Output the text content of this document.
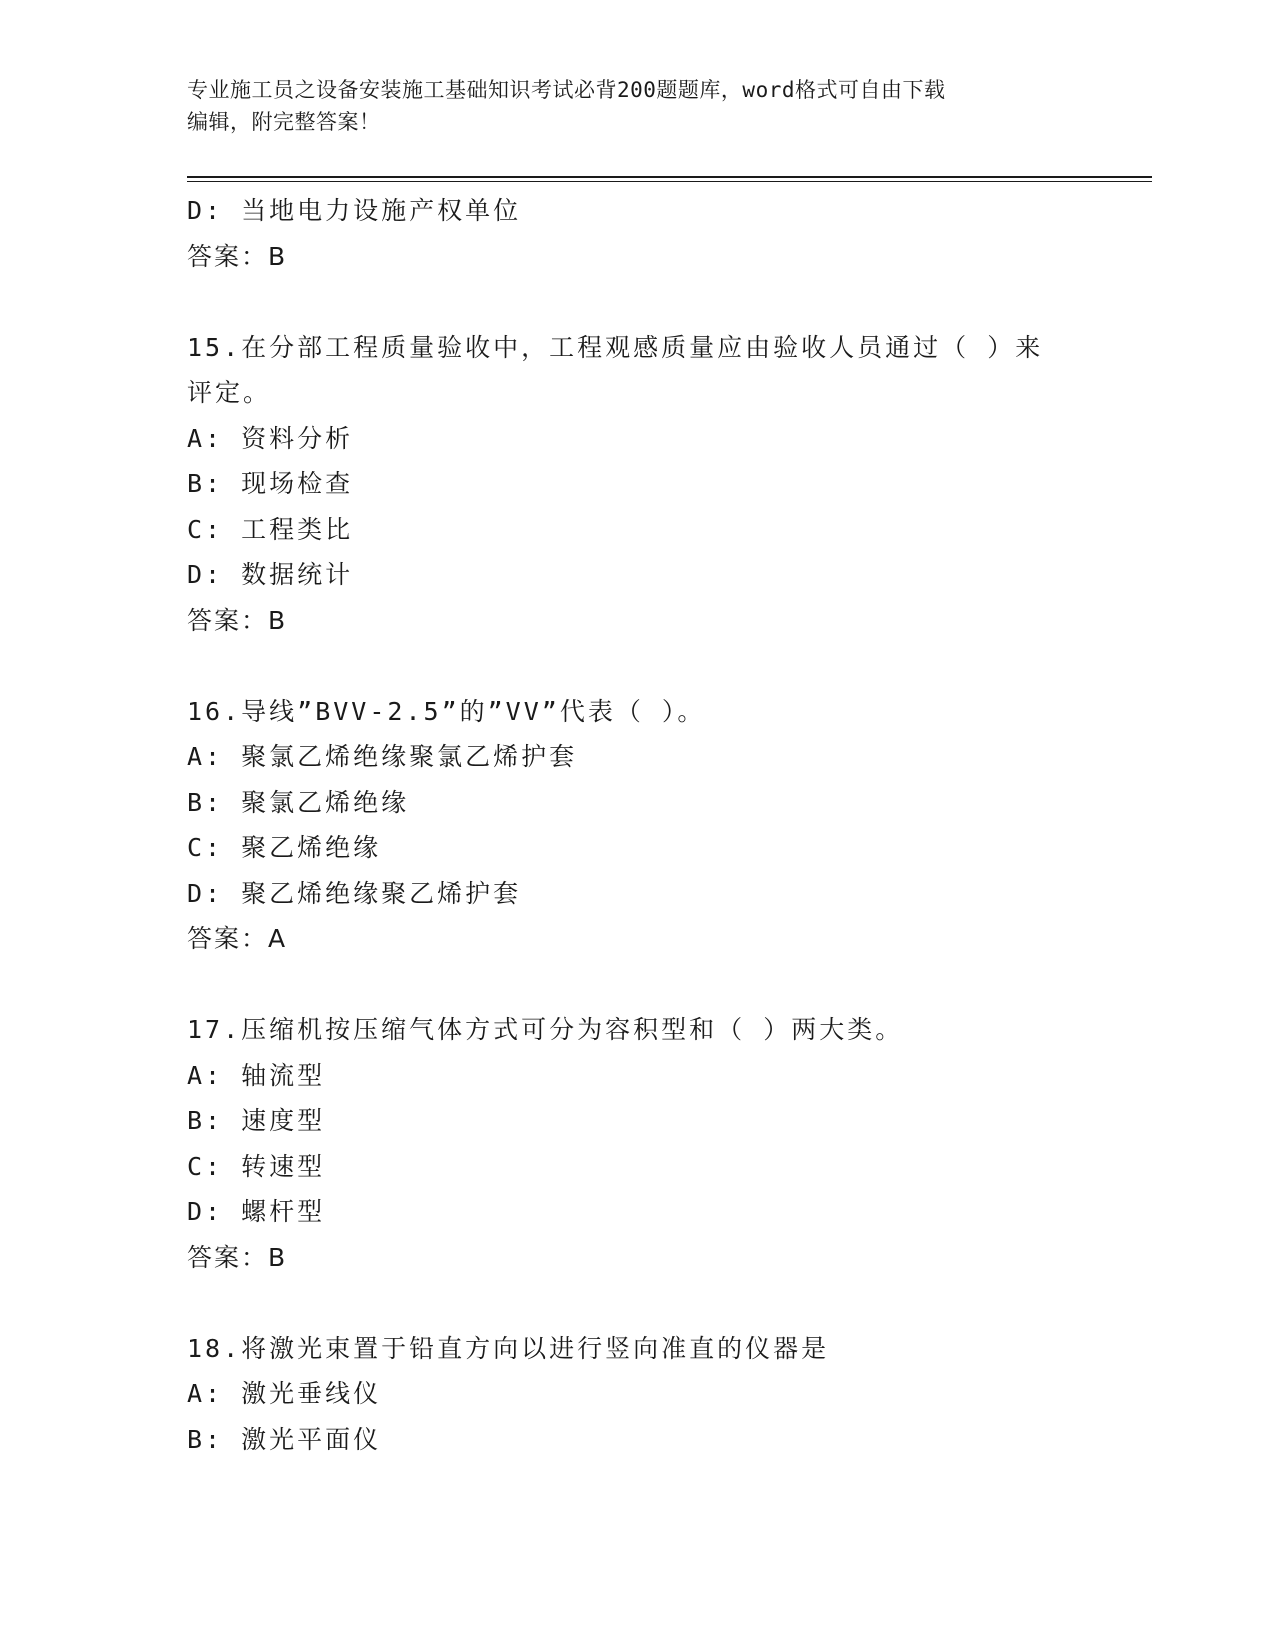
专业施工员之设备安装施工基础知识考试必背200题题库，word格式可自由下载
编辑，附完整答案！
D: 当地电力设施产权单位
答案：B
15.在分部工程质量验收中，工程观感质量应由验收人员通过（ ）来
评定。
A: 资料分析
B: 现场检查
C: 工程类比
D: 数据统计
答案：B
16.导线”BVV-2.5”的”VV”代表（ ）。
A: 聚氯乙烯绝缘聚氯乙烯护套
B: 聚氯乙烯绝缘
C: 聚乙烯绝缘
D: 聚乙烯绝缘聚乙烯护套
答案：A
17.压缩机按压缩气体方式可分为容积型和（ ）两大类。
A: 轴流型
B: 速度型
C: 转速型
D: 螺杆型
答案：B
18.将激光束置于铅直方向以进行竖向准直的仪器是
A: 激光垂线仪
B: 激光平面仪
